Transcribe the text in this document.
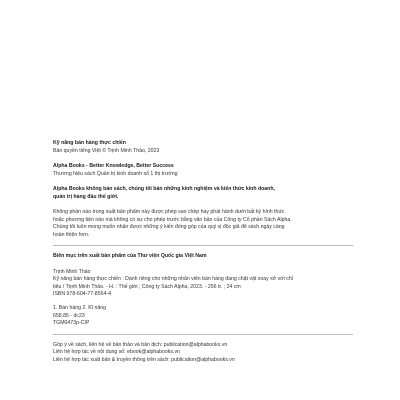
Kỹ năng bán hàng thực chiến

Bản quyền tiếng Việt © Trịnh Minh Thảo, 2023

Alpha Books - Better Knowledge, Better Success

Thương hiệu sách Quản trị kinh doanh số 1 thị trường

Alpha Books không bán sách, chúng tôi bán những kinh nghiệm và kiến thức kinh doanh,

quản trị hàng đầu thế giới.

Không phần nào trong xuất bản phẩm này được phép sao chép hay phát hành dưới bất kỳ hình thức

hoặc phương tiện nào mà không có sự cho phép trước bằng văn bản của Công ty Cổ phần Sách Alpha.

Chúng tôi luôn mong muốn nhận được những ý kiến đóng góp của quý vị độc giả để sách ngày càng

hoàn thiện hơn.

Biên mục trên xuất bản phẩm của Thư viện Quốc gia Việt Nam

Trịnh Minh Thảo

Kỹ năng bán hàng thực chiến : Dành riêng cho những nhân viên bán hàng đang chật vật xoay xở với chỉ

tiêu / Trịnh Minh Thảo. - H. : Thế giới ; Công ty Sách Alpha, 2023. - 256 tr. ; 24 cm

ISBN 978-604-77-8554-4

1. Bán hàng 2. Kĩ năng

658.85 - dc23

TGM0473p-CIP

Góp ý về sách, liên hệ về bản thảo và bản dịch: publication@alphabooks.vn

Liên hệ hợp tác về nội dung số: ebook@alphabooks.vn

Liên hệ hợp tác xuất bản & truyền thông trên sách: publication@alphabooks.vn
